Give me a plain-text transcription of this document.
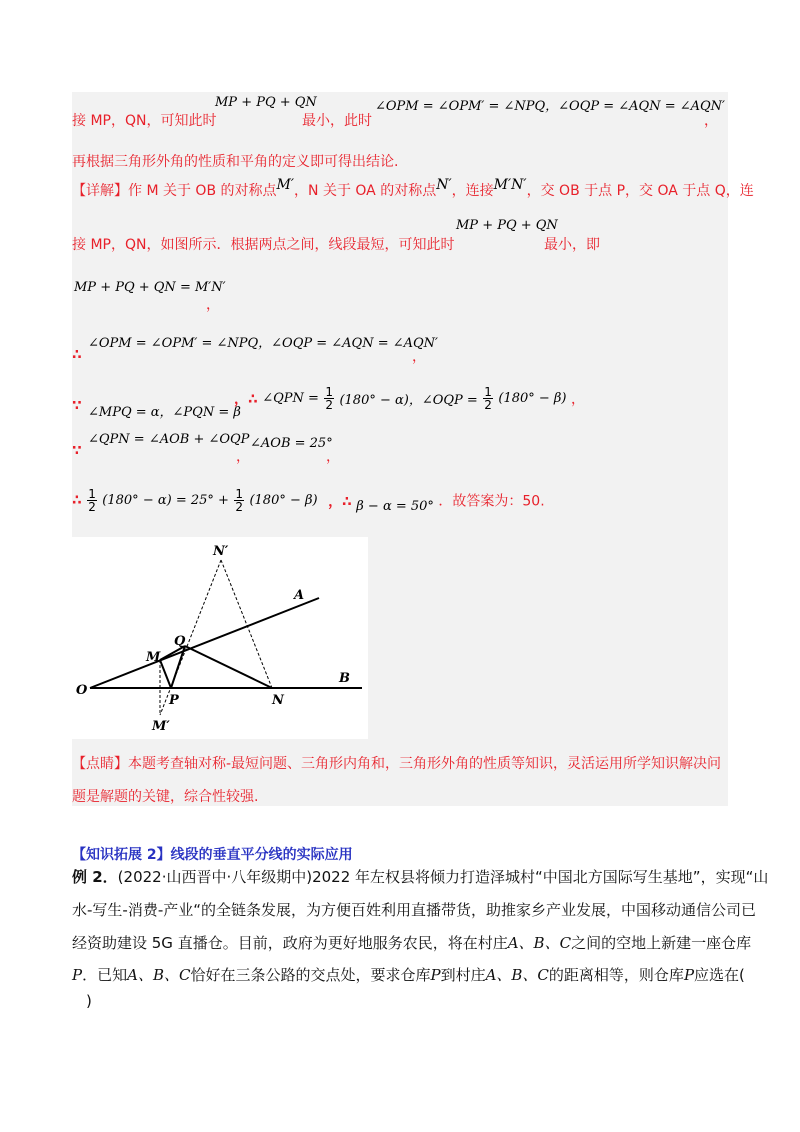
接 MP，QN，可知此时
MP + PQ + QN
最小，此时
∠OPM = ∠OPM′ = ∠NPQ，∠OQP = ∠AQN = ∠AQN′
，
再根据三角形外角的性质和平角的定义即可得出结论.
【详解】作 M 关于 OB 的对称点M′，N 关于 OA 的对称点N′，连接M′N′，交 OB 于点 P，交 OA 于点 Q，连
接 MP，QN，如图所示．根据两点之间，线段最短，可知此时
MP + PQ + QN
最小，即
MP + PQ + QN = M′N′
，
∴
∠OPM = ∠OPM′ = ∠NPQ，∠OQP = ∠AQN = ∠AQN′
，
∵ ∠MPQ = α，∠PQN = β
，∴ ∠QPN = $\frac{1}{2} (180^\circ - \alpha)$，∠OQP = $\frac{1}{2} (180^\circ - \beta)$ ，
∵
∠QPN = ∠AOB + ∠OQP
，
∠AOB = 25°
，
∴ $\frac{1}{2} (180^\circ - \alpha) = 25^\circ + \frac{1}{2} (180^\circ - \beta)$ ，∴ β − α = 50° ．故答案为：50.
N′
A
Q
M
B
O
P	N
M′
【点睛】本题考查轴对称-最短问题、三角形内角和，三角形外角的性质等知识，灵活运用所学知识解决问
题是解题的关键，综合性较强.
【知识拓展 2】线段的垂直平分线的实际应用
例 2．(2022·山西晋中·八年级期中)2022 年左权县将倾力打造泽城村“中国北方国际写生基地”，实现“山
水-写生-消费-产业“的全链条发展，为方便百姓利用直播带货，助推家乡产业发展，中国移动通信公司已
经资助建设 5G 直播仓。目前，政府为更好地服务农民，将在村庄A、B、C之间的空地上新建一座仓库
P．已知A、B、C恰好在三条公路的交点处，要求仓库P到村庄A、B、C的距离相等，则仓库P应选在(
)
